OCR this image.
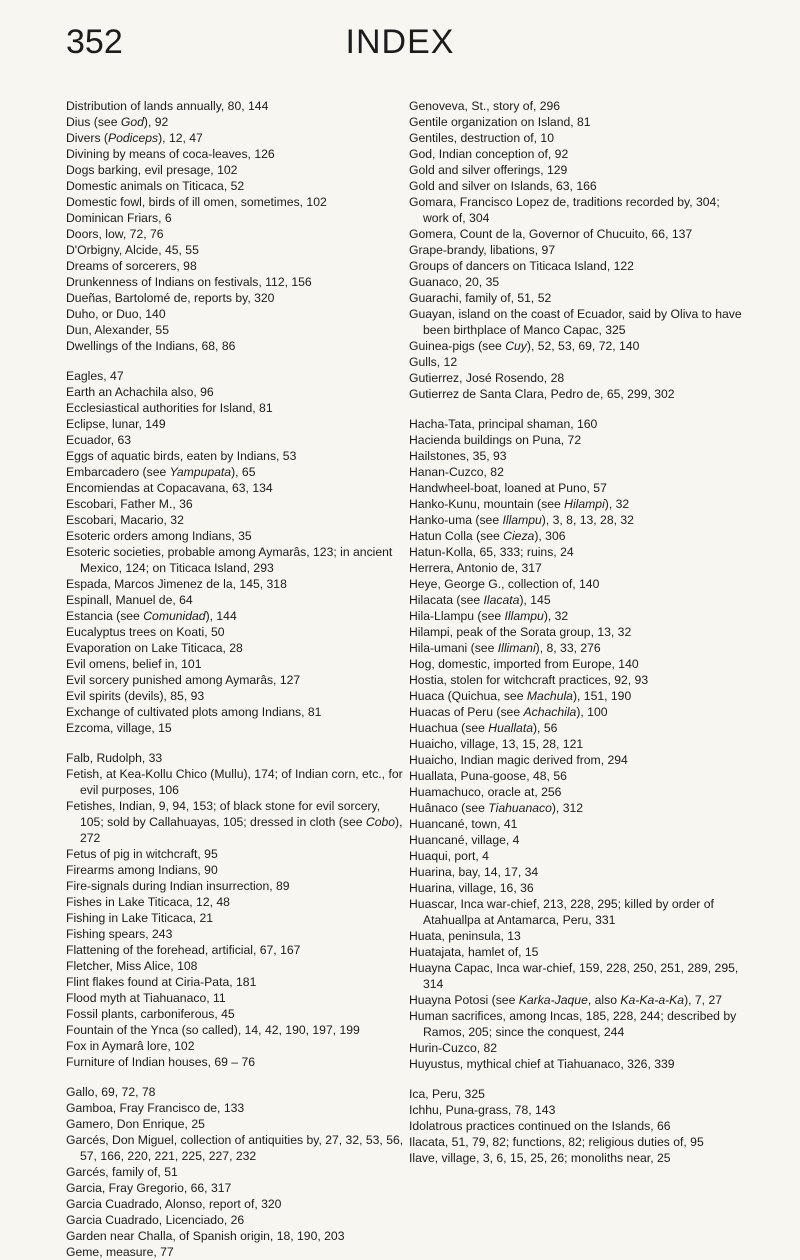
352	INDEX

Distribution of lands annually, 80, 144

Dius (see God), 92

Divers (Podiceps), 12, 47

Divining by means of coca-leaves, 126

Dogs barking, evil presage, 102

Domestic animals on Titicaca, 52

Domestic fowl, birds of ill omen, sometimes, 102

Dominican Friars, 6

Doors, low, 72, 76

D'Orbigny, Alcide, 45, 55

Dreams of sorcerers, 98

Drunkenness of Indians on festivals, 112, 156

Dueñas, Bartolomé de, reports by, 320

Duho, or Duo, 140

Dun, Alexander, 55

Dwellings of the Indians, 68, 86

Eagles, 47

Earth an Achachila also, 96

Ecclesiastical authorities for Island, 81

Eclipse, lunar, 149

Ecuador, 63

Eggs of aquatic birds, eaten by Indians, 53

Embarcadero (see Yampupata), 65

Encomiendas at Copacavana, 63, 134

Escobari, Father M., 36

Escobari, Macario, 32

Esoteric orders among Indians, 35

Esoteric societies, probable among Aymarâs, 123; in ancient Mexico, 124; on Titicaca Island, 293

Espada, Marcos Jimenez de la, 145, 318

Espinall, Manuel de, 64

Estancia (see Comunidad), 144

Eucalyptus trees on Koati, 50

Evaporation on Lake Titicaca, 28

Evil omens, belief in, 101

Evil sorcery punished among Aymarâs, 127

Evil spirits (devils), 85, 93

Exchange of cultivated plots among Indians, 81

Ezcoma, village, 15

Falb, Rudolph, 33

Fetish, at Kea-Kollu Chico (Mullu), 174; of Indian corn, etc., for evil purposes, 106

Fetishes, Indian, 9, 94, 153; of black stone for evil sorcery, 105; sold by Callahuayas, 105; dressed in cloth (see Cobo), 272

Fetus of pig in witchcraft, 95

Firearms among Indians, 90

Fire-signals during Indian insurrection, 89

Fishes in Lake Titicaca, 12, 48

Fishing in Lake Titicaca, 21

Fishing spears, 243

Flattening of the forehead, artificial, 67, 167

Fletcher, Miss Alice, 108

Flint flakes found at Ciria-Pata, 181

Flood myth at Tiahuanaco, 11

Fossil plants, carboniferous, 45

Fountain of the Ynca (so called), 14, 42, 190, 197, 199

Fox in Aymarâ lore, 102

Furniture of Indian houses, 69 – 76

Gallo, 69, 72, 78

Gamboa, Fray Francisco de, 133

Gamero, Don Enrique, 25

Garcés, Don Miguel, collection of antiquities by, 27, 32, 53, 56, 57, 166, 220, 221, 225, 227, 232

Garcés, family of, 51

Garcia, Fray Gregorio, 66, 317

Garcia Cuadrado, Alonso, report of, 320

Garcia Cuadrado, Licenciado, 26

Garden near Challa, of Spanish origin, 18, 190, 203

Geme, measure, 77

Genoveva, St., story of, 296

Gentile organization on Island, 81

Gentiles, destruction of, 10

God, Indian conception of, 92

Gold and silver offerings, 129

Gold and silver on Islands, 63, 166

Gomara, Francisco Lopez de, traditions recorded by, 304; work of, 304

Gomera, Count de la, Governor of Chucuito, 66, 137

Grape-brandy, libations, 97

Groups of dancers on Titicaca Island, 122

Guanaco, 20, 35

Guarachi, family of, 51, 52

Guayan, island on the coast of Ecuador, said by Oliva to have been birthplace of Manco Capac, 325

Guinea-pigs (see Cuy), 52, 53, 69, 72, 140

Gulls, 12

Gutierrez, José Rosendo, 28

Gutierrez de Santa Clara, Pedro de, 65, 299, 302

Hacha-Tata, principal shaman, 160

Hacienda buildings on Puna, 72

Hailstones, 35, 93

Hanan-Cuzco, 82

Handwheel-boat, loaned at Puno, 57

Hanko-Kunu, mountain (see Hilampi), 32

Hanko-uma (see Illampu), 3, 8, 13, 28, 32

Hatun Colla (see Cieza), 306

Hatun-Kolla, 65, 333; ruins, 24

Herrera, Antonio de, 317

Heye, George G., collection of, 140

Hilacata (see Ilacata), 145

Hila-Llampu (see Illampu), 32

Hilampi, peak of the Sorata group, 13, 32

Hila-umani (see Illimani), 8, 33, 276

Hog, domestic, imported from Europe, 140

Hostia, stolen for witchcraft practices, 92, 93

Huaca (Quichua, see Machula), 151, 190

Huacas of Peru (see Achachila), 100

Huachua (see Huallata), 56

Huaicho, village, 13, 15, 28, 121

Huaicho, Indian magic derived from, 294

Huallata, Puna-goose, 48, 56

Huamachuco, oracle at, 256

Huânaco (see Tiahuanaco), 312

Huancané, town, 41

Huancané, village, 4

Huaqui, port, 4

Huarina, bay, 14, 17, 34

Huarina, village, 16, 36

Huascar, Inca war-chief, 213, 228, 295; killed by order of Atahuallpa at Antamarca, Peru, 331

Huata, peninsula, 13

Huatajata, hamlet of, 15

Huayna Capac, Inca war-chief, 159, 228, 250, 251, 289, 295, 314

Huayna Potosi (see Karka-Jaque, also Ka-Ka-a-Ka), 7, 27

Human sacrifices, among Incas, 185, 228, 244; described by Ramos, 205; since the conquest, 244

Hurin-Cuzco, 82

Huyustus, mythical chief at Tiahuanaco, 326, 339

Ica, Peru, 325

Ichhu, Puna-grass, 78, 143

Idolatrous practices continued on the Islands, 66

Ilacata, 51, 79, 82; functions, 82; religious duties of, 95

Ilave, village, 3, 6, 15, 25, 26; monoliths near, 25
